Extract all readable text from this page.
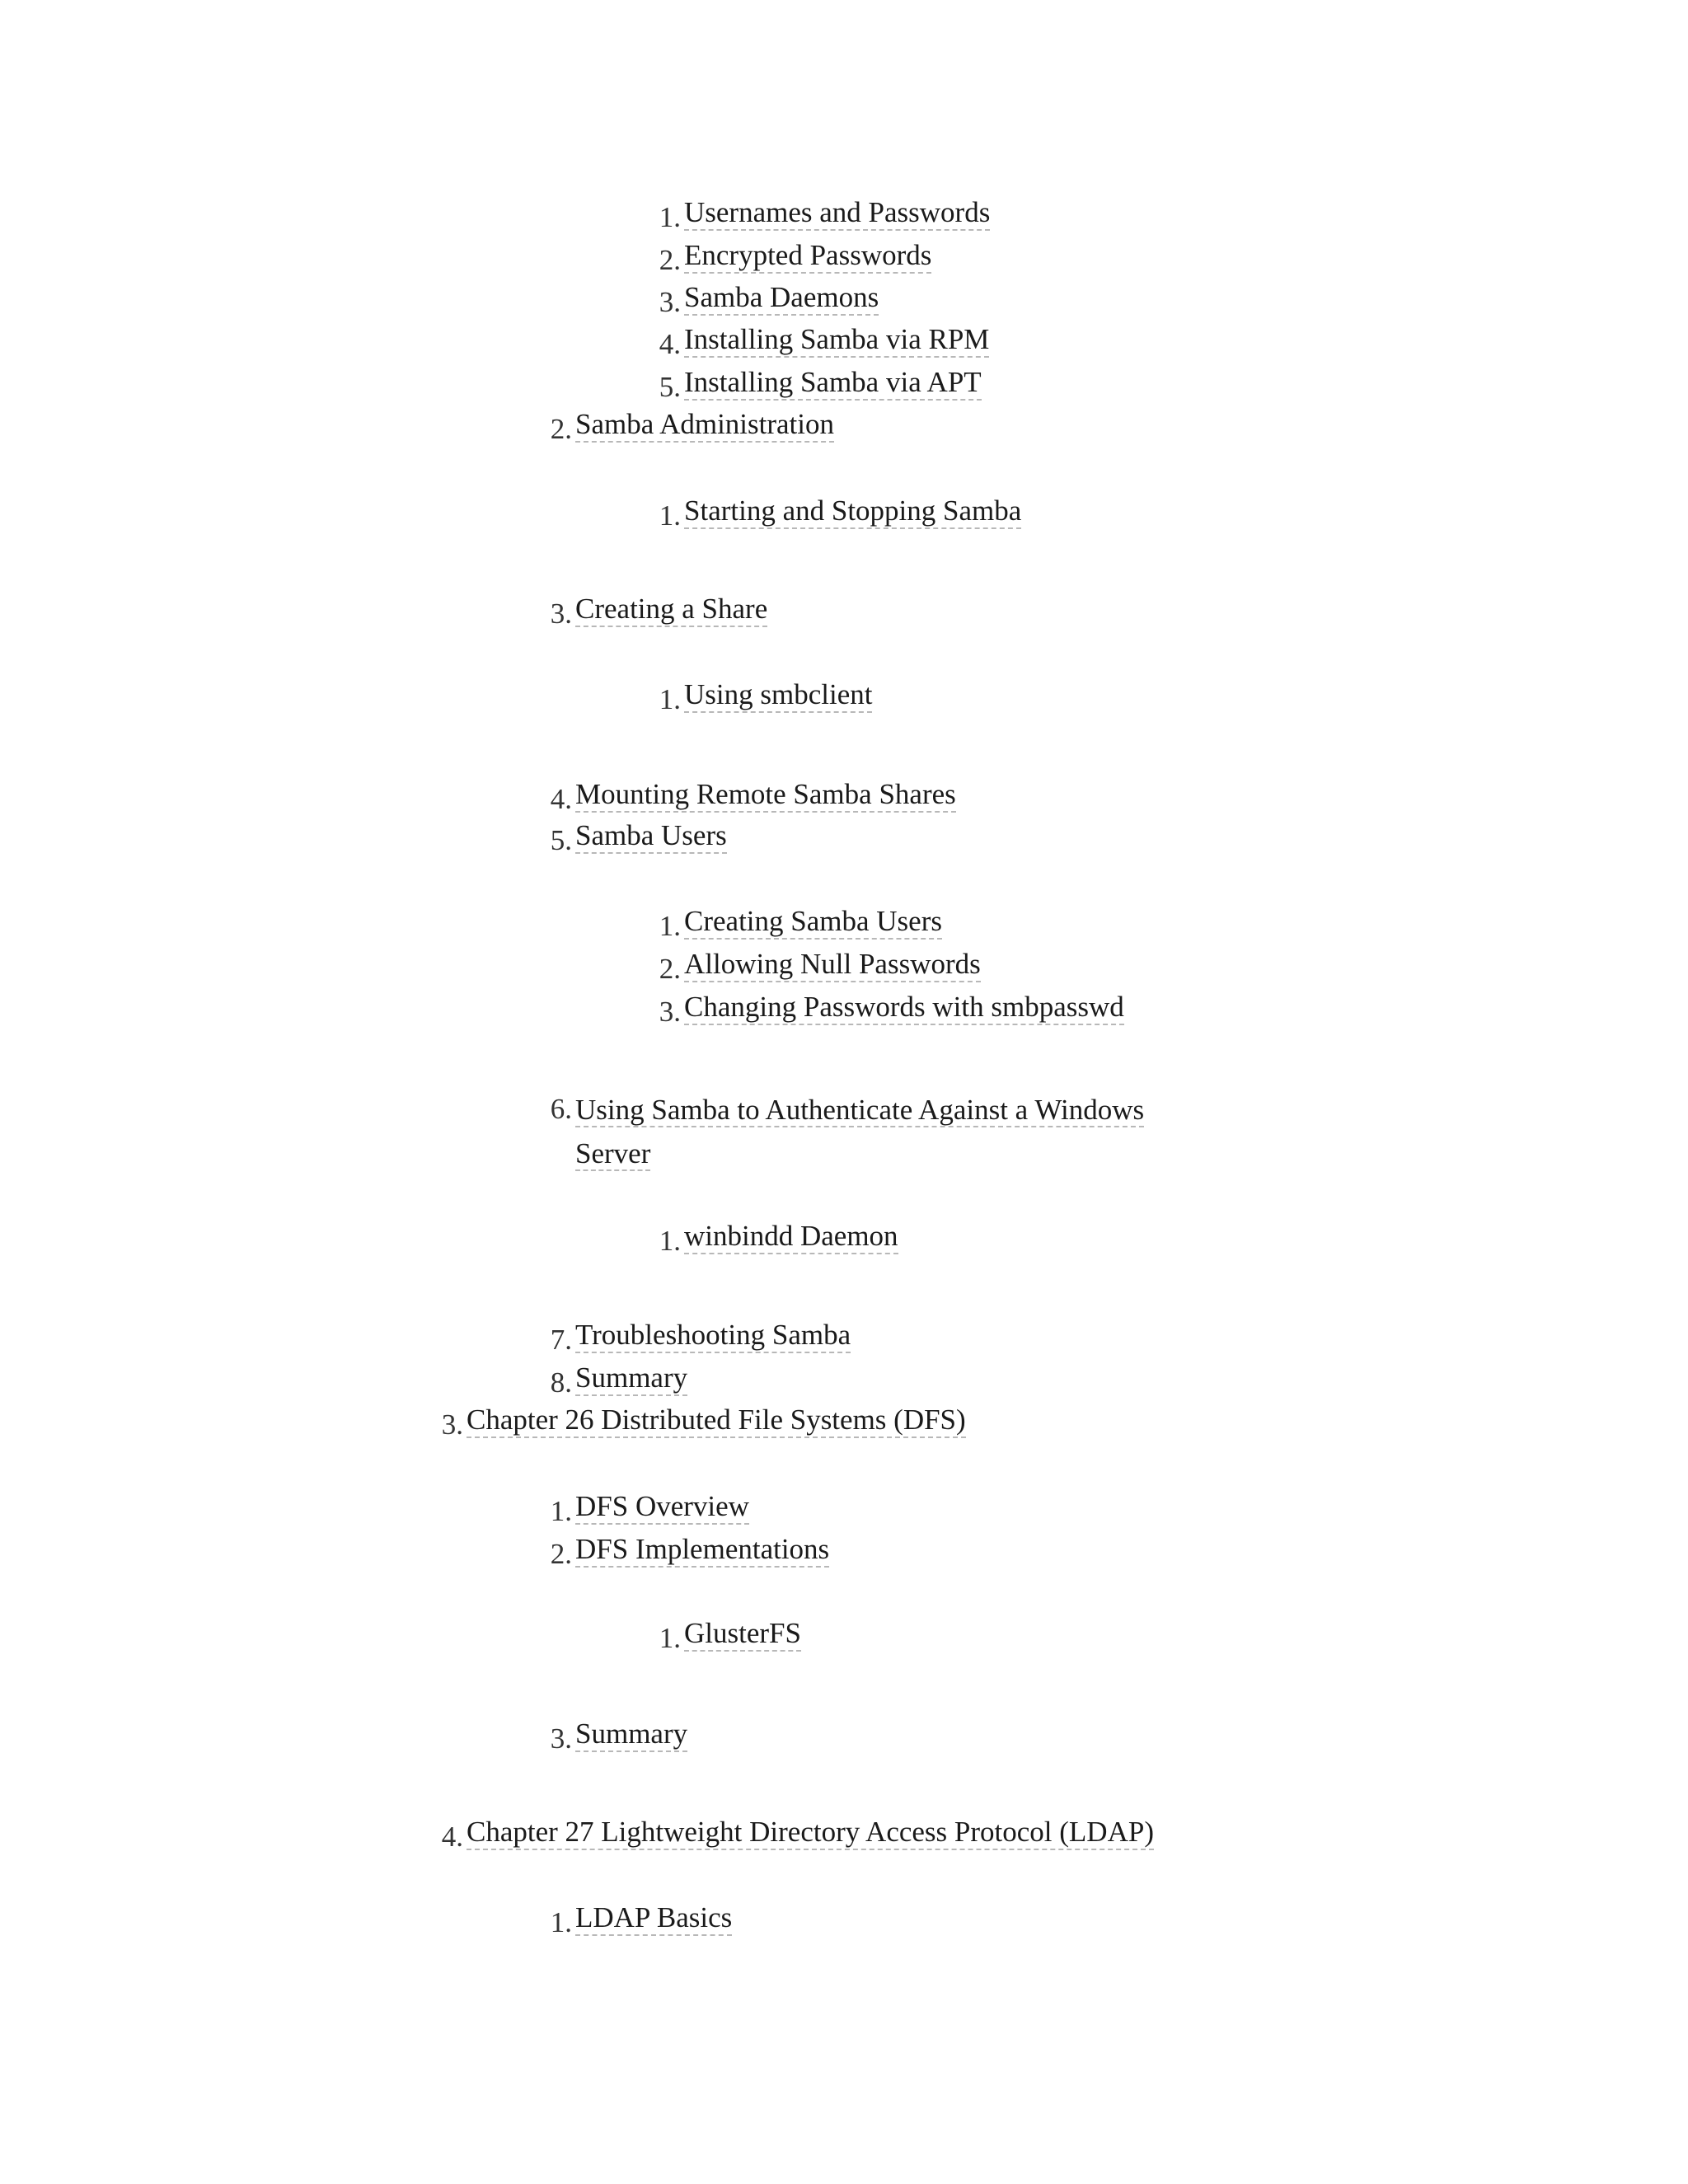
1. Usernames and Passwords
2. Encrypted Passwords
3. Samba Daemons
4. Installing Samba via RPM
5. Installing Samba via APT
2. Samba Administration
1. Starting and Stopping Samba
3. Creating a Share
1. Using smbclient
4. Mounting Remote Samba Shares
5. Samba Users
1. Creating Samba Users
2. Allowing Null Passwords
3. Changing Passwords with smbpasswd
6. Using Samba to Authenticate Against a Windows
Server
1. winbindd Daemon
7. Troubleshooting Samba
8. Summary
3. Chapter 26 Distributed File Systems (DFS)
1. DFS Overview
2. DFS Implementations
1. GlusterFS
3. Summary
4. Chapter 27 Lightweight Directory Access Protocol (LDAP)
1. LDAP Basics
